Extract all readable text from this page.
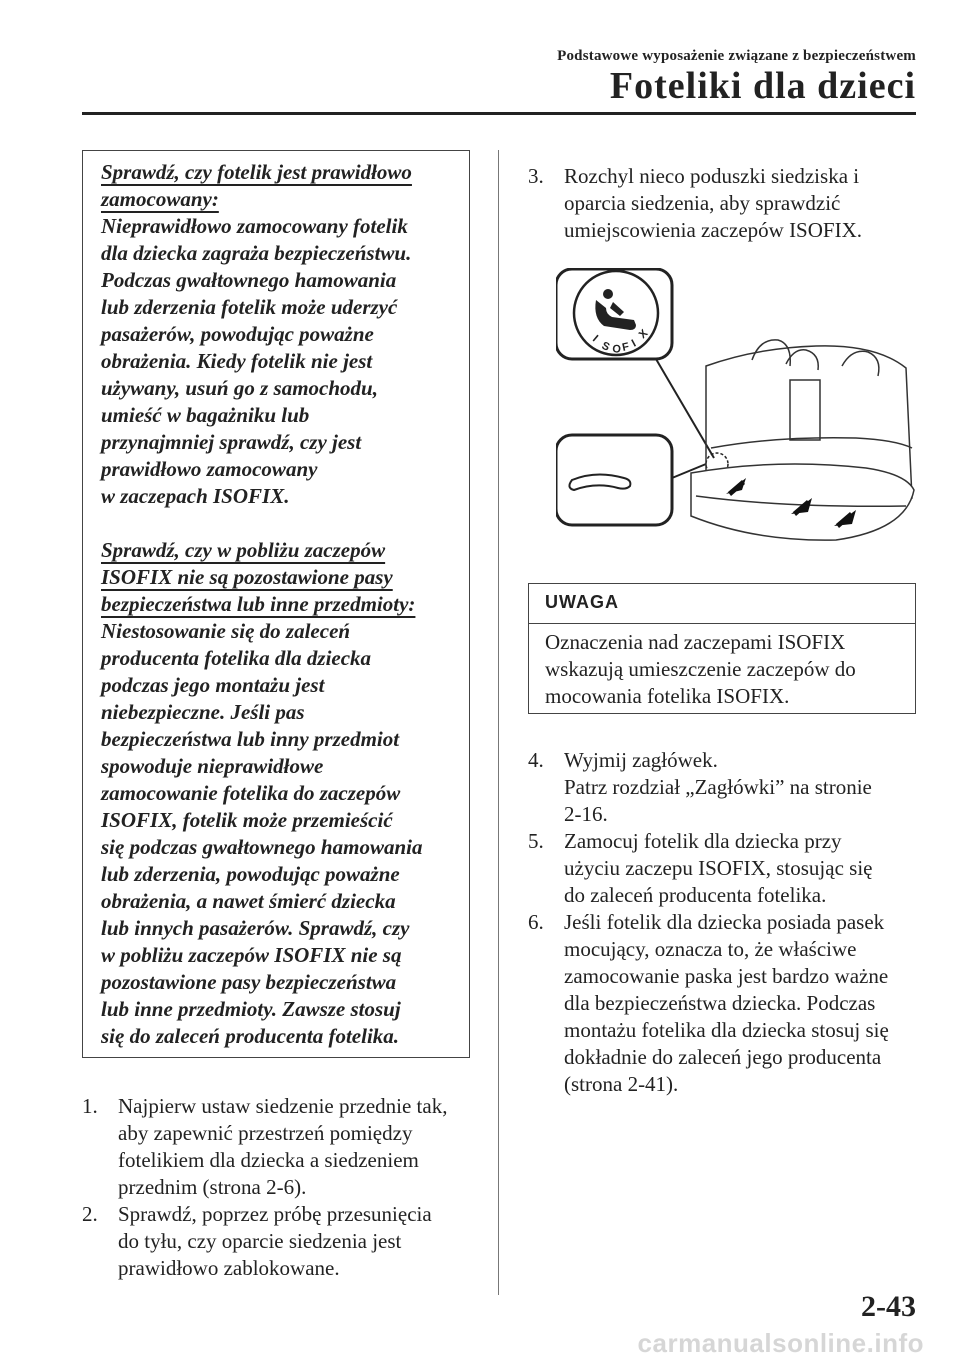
Podstawowe wyposażenie związane z bezpieczeństwem
Foteliki dla dzieci
Sprawdź, czy fotelik jest prawidłowo
zamocowany:
Nieprawidłowo zamocowany fotelik
dla dziecka zagraża bezpieczeństwu.
Podczas gwałtownego hamowania
lub zderzenia fotelik może uderzyć
pasażerów, powodując poważne
obrażenia. Kiedy fotelik nie jest
używany, usuń go z samochodu,
umieść w bagażniku lub
przynajmniej sprawdź, czy jest
prawidłowo zamocowany
w zaczepach ISOFIX.
Sprawdź, czy w pobliżu zaczepów
ISOFIX nie są pozostawione pasy
bezpieczeństwa lub inne przedmioty:
Niestosowanie się do zaleceń
producenta fotelika dla dziecka
podczas jego montażu jest
niebezpieczne. Jeśli pas
bezpieczeństwa lub inny przedmiot
spowoduje nieprawidłowe
zamocowanie fotelika do zaczepów
ISOFIX, fotelik może przemieścić
się podczas gwałtownego hamowania
lub zderzenia, powodując poważne
obrażenia, a nawet śmierć dziecka
lub innych pasażerów. Sprawdź, czy
w pobliżu zaczepów ISOFIX nie są
pozostawione pasy bezpieczeństwa
lub inne przedmioty. Zawsze stosuj
się do zaleceń producenta fotelika.
1. Najpierw ustaw siedzenie przednie tak,
aby zapewnić przestrzeń pomiędzy
fotelikiem dla dziecka a siedzeniem
przednim (strona 2-6).
2. Sprawdź, poprzez próbę przesunięcia
do tyłu, czy oparcie siedzenia jest
prawidłowo zablokowane.
3. Rozchyl nieco poduszki siedziska i
oparcia siedzenia, aby sprawdzić
umiejscowienia zaczepów ISOFIX.
I
S O F I
X
UWAGA
Oznaczenia nad zaczepami ISOFIX
wskazują umieszczenie zaczepów do
mocowania fotelika ISOFIX.
4. Wyjmij zagłówek.
Patrz rozdział „Zagłówki” na stronie
2-16.
5. Zamocuj fotelik dla dziecka przy
użyciu zaczepu ISOFIX, stosując się
do zaleceń producenta fotelika.
6. Jeśli fotelik dla dziecka posiada pasek
mocujący, oznacza to, że właściwe
zamocowanie paska jest bardzo ważne
dla bezpieczeństwa dziecka. Podczas
montażu fotelika dla dziecka stosuj się
dokładnie do zaleceń jego producenta
(strona 2-41).
2-43
carmanualsonline.info
